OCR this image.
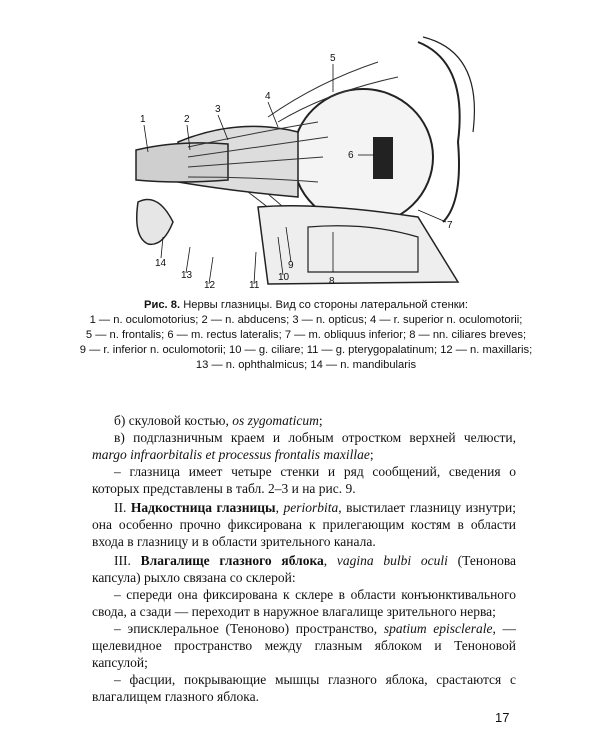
1	2
3
4
5
6
7
8
9
10
11
12
13
14
Рис. 8. Нервы глазницы. Вид со стороны латеральной стенки:
1 — n. oculomotorius; 2 — n. abducens; 3 — n. opticus; 4 — r. superior n. oculomotorii;
5 — n. frontalis; 6 — m. rectus lateralis; 7 — m. obliquus inferior; 8 — nn. ciliares breves;
9 — r. inferior n. oculomotorii; 10 — g. ciliare; 11 — g. pterygopalatinum; 12 — n. maxillaris;
13 — n. ophthalmicus; 14 — n. mandibularis

б) скуловой костью, os zygomaticum;

в) подглазничным краем и лобным отростком верхней челюсти, margo infraorbitalis et processus frontalis maxillae;

– глазница имеет четыре стенки и ряд сообщений, сведения о которых представлены в табл. 2–3 и на рис. 9.

II. Надкостница глазницы, periorbita, выстилает глазницу изнутри; она особенно прочно фиксирована к прилегающим костям в области входа в глазницу и в области зрительного канала.

III. Влагалище глазного яблока, vagina bulbi oculi (Тенонова капсула) рыхло связана со склерой:

– спереди она фиксирована к склере в области конъюнктивального свода, а сзади — переходит в наружное влагалище зрительного нерва;

– эписклеральное (Теноново) пространство, spatium episclerale, — щелевидное пространство между глазным яблоком и Теноновой капсулой;

– фасции, покрывающие мышцы глазного яблока, срастаются с влагалищем глазного яблока.

17
